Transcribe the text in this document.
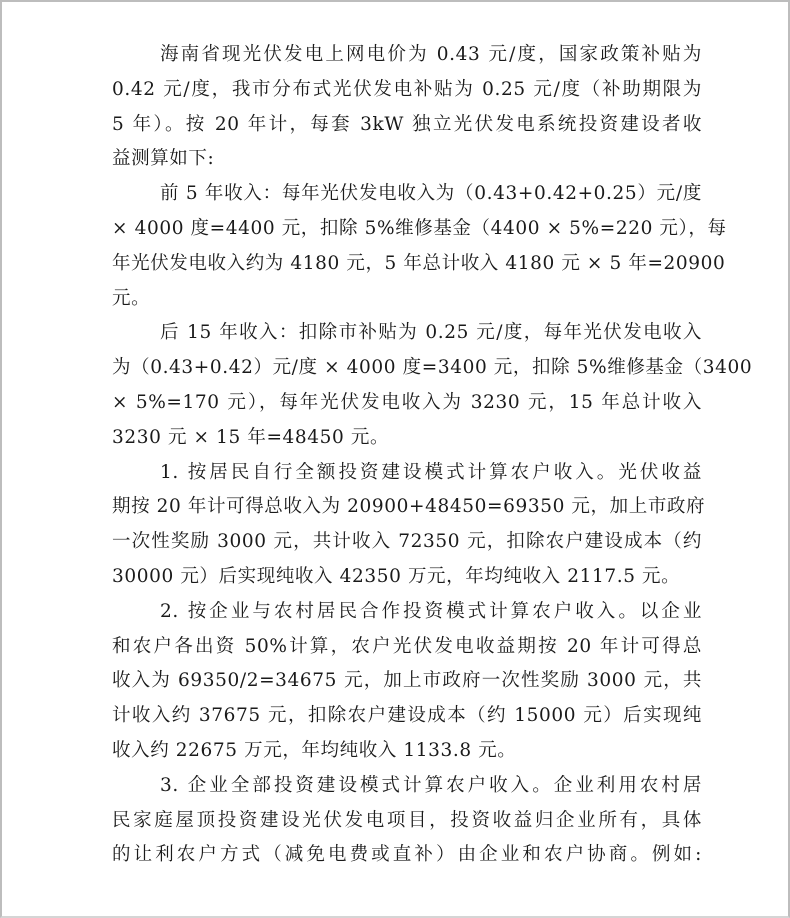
海南省现光伏发电上网电价为 0.43 元/度，国家政策补贴为
0.42 元/度，我市分布式光伏发电补贴为 0.25 元/度（补助期限为
5 年）。按 20 年计，每套 3kW 独立光伏发电系统投资建设者收
益测算如下:

前 5 年收入：每年光伏发电收入为（0.43+0.42+0.25）元/度
× 4000 度=4400 元，扣除 5%维修基金（4400 × 5%=220 元），每
年光伏发电收入约为 4180 元，5 年总计收入 4180 元 × 5 年=20900
元。

后 15 年收入：扣除市补贴为 0.25 元/度，每年光伏发电收入
为（0.43+0.42）元/度 × 4000 度=3400 元，扣除 5%维修基金（3400
× 5%=170 元），每年光伏发电收入为 3230 元，15 年总计收入
3230 元 × 15 年=48450 元。

1. 按居民自行全额投资建设模式计算农户收入。光伏收益
期按 20 年计可得总收入为 20900+48450=69350 元，加上市政府
一次性奖励 3000 元，共计收入 72350 元，扣除农户建设成本（约
30000 元）后实现纯收入 42350 万元，年均纯收入 2117.5 元。

2. 按企业与农村居民合作投资模式计算农户收入。以企业
和农户各出资 50%计算，农户光伏发电收益期按 20 年计可得总
收入为 69350/2=34675 元，加上市政府一次性奖励 3000 元，共
计收入约 37675 元，扣除农户建设成本（约 15000 元）后实现纯
收入约 22675 万元，年均纯收入 1133.8 元。

3. 企业全部投资建设模式计算农户收入。企业利用农村居
民家庭屋顶投资建设光伏发电项目，投资收益归企业所有，具体
的让利农户方式（减免电费或直补）由企业和农户协商。例如:
